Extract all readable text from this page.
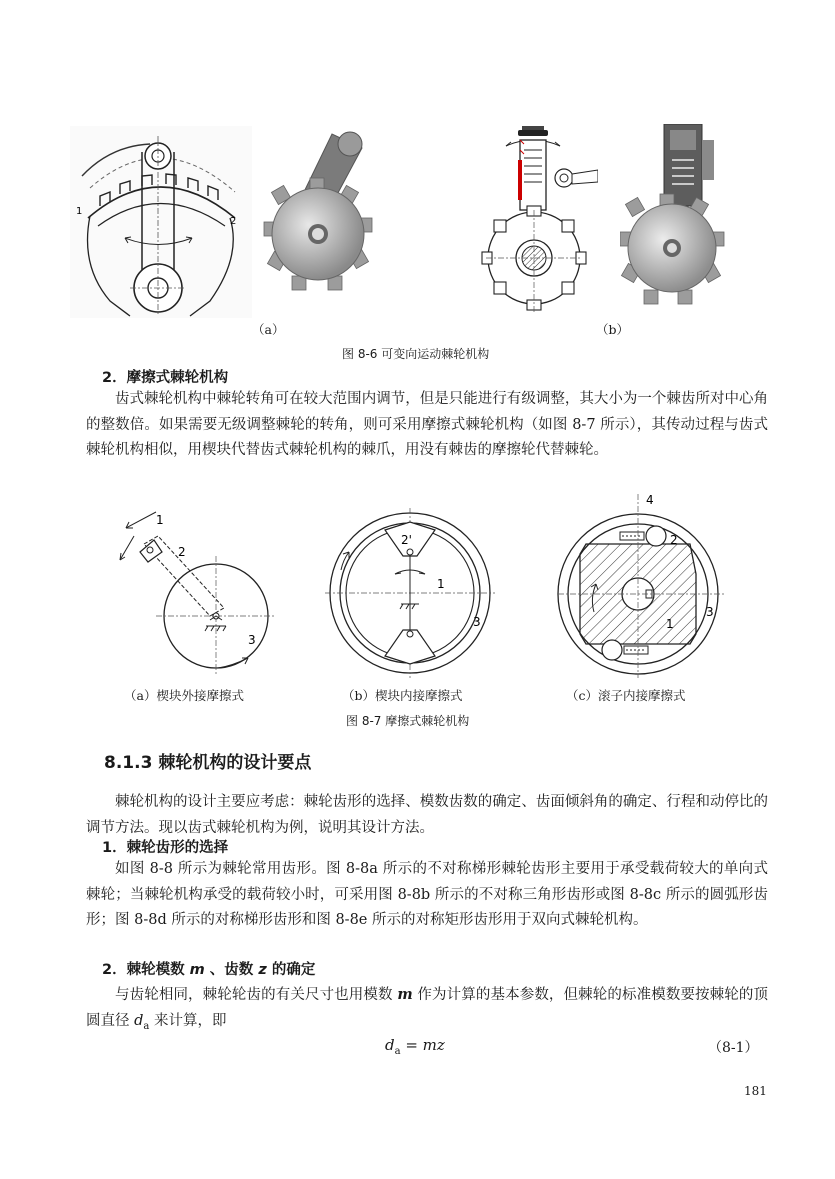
1
2
（a）	（b）
图 8-6 可变向运动棘轮机构
2．摩擦式棘轮机构

齿式棘轮机构中棘轮转角可在较大范围内调节，但是只能进行有级调整，其大小为一个棘齿所对中心角的整数倍。如果需要无级调整棘轮的转角，则可采用摩擦式棘轮机构（如图 8-7 所示），其传动过程与齿式棘轮机构相似，用楔块代替齿式棘轮机构的棘爪，用没有棘齿的摩擦轮代替棘轮。

1
2
3
2'
1
3
4
2
1
3
（a）楔块外接摩擦式	（b）楔块内接摩擦式	（c）滚子内接摩擦式
图 8-7 摩擦式棘轮机构
8.1.3 棘轮机构的设计要点

棘轮机构的设计主要应考虑：棘轮齿形的选择、模数齿数的确定、齿面倾斜角的确定、行程和动停比的调节方法。现以齿式棘轮机构为例，说明其设计方法。

1．棘轮齿形的选择

如图 8-8 所示为棘轮常用齿形。图 8-8a 所示的不对称梯形棘轮齿形主要用于承受载荷较大的单向式棘轮；当棘轮机构承受的载荷较小时，可采用图 8-8b 所示的不对称三角形齿形或图 8-8c 所示的圆弧形齿形；图 8-8d 所示的对称梯形齿形和图 8-8e 所示的对称矩形齿形用于双向式棘轮机构。

2．棘轮模数 m 、齿数 z 的确定

与齿轮相同，棘轮轮齿的有关尺寸也用模数 m 作为计算的基本参数，但棘轮的标准模数要按棘轮的顶圆直径 $d_a$ 来计算，即

$d_a$ = mz	（8-1）
181
